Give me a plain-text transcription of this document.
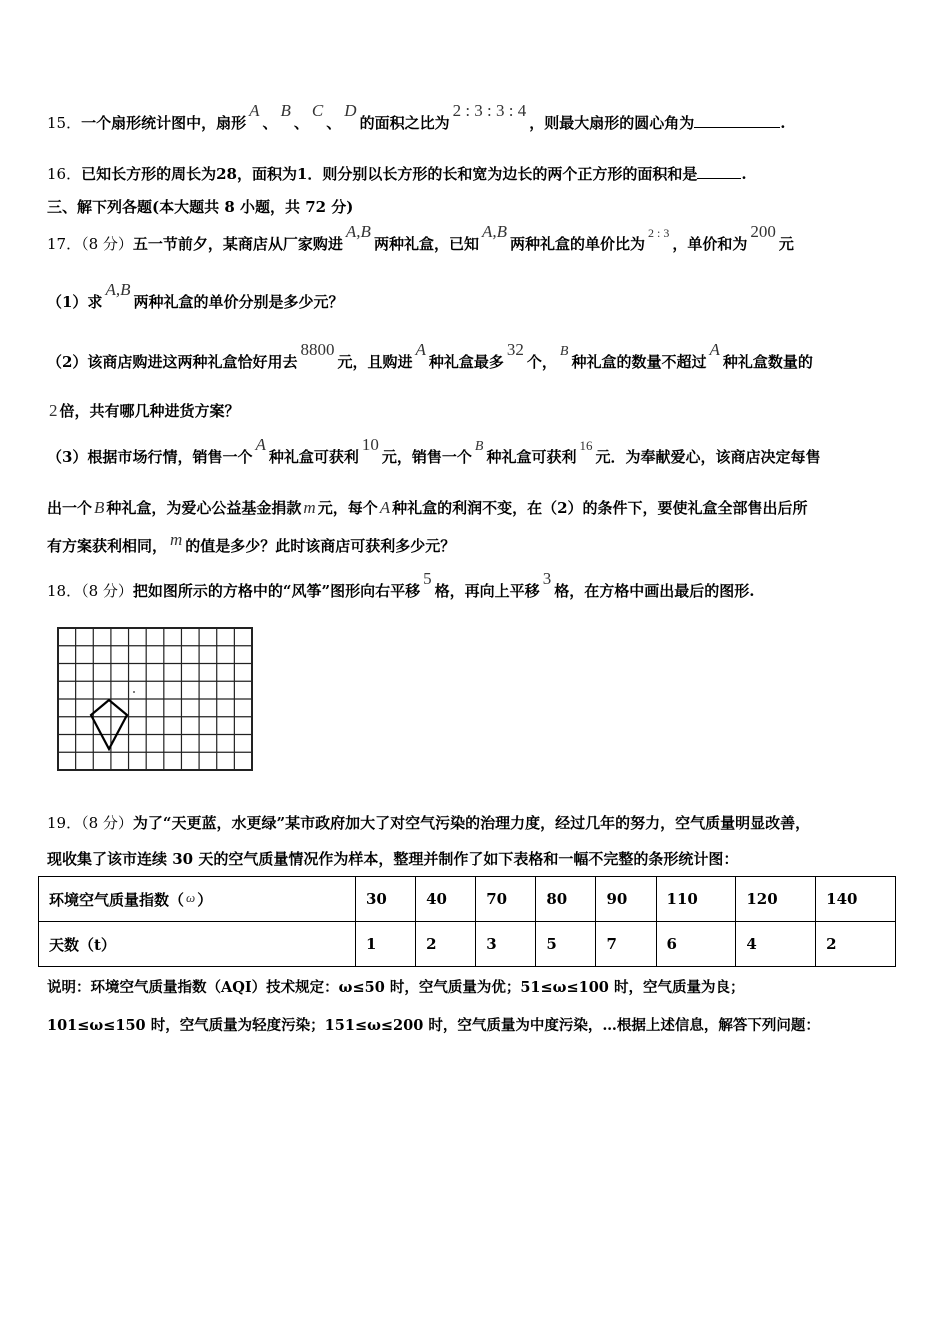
15．一个扇形统计图中，扇形A、B、C、D的面积之比为2 : 3 : 3 : 4，则最大扇形的圆心角为	.
16．已知长方形的周长为28，面积为1．则分别以长方形的长和宽为边长的两个正方形的面积和是	.
三、解下列各题(本大题共 8 小题，共 72 分)
17．（8 分）五一节前夕，某商店从厂家购进A,B两种礼盒，已知A,B两种礼盒的单价比为$^{2 : 3}$，单价和为200元
（1）求A,B两种礼盒的单价分别是多少元？
（2）该商店购进这两种礼盒恰好用去8800元，且购进A种礼盒最多32个，B种礼盒的数量不超过A种礼盒数量的
2 倍，共有哪几种进货方案？
（3）根据市场行情，销售一个A种礼盒可获利10元，销售一个B种礼盒可获利16元．为奉献爱心，该商店决定每售
出一个 B 种礼盒，为爱心公益基金捐款 m 元，每个 A 种礼盒的利润不变，在（2）的条件下，要使礼盒全部售出后所
有方案获利相同， m 的值是多少？此时该商店可获利多少元？
18．（8 分）把如图所示的方格中的“风筝”图形向右平移5格，再向上平移3格，在方格中画出最后的图形.
19．（8 分）为了“天更蓝，水更绿”某市政府加大了对空气污染的治理力度，经过几年的努力，空气质量明显改善，
现收集了该市连续 30 天的空气质量情况作为样本，整理并制作了如下表格和一幅不完整的条形统计图：
环境空气质量指数（ ω ）	30	40	70	80	90	110	120	140
天数（t）	1	2	3	5	7	6	4	2
说明：环境空气质量指数（AQI）技术规定：ω≤50 时，空气质量为优；51≤ω≤100 时，空气质量为良；
101≤ω≤150 时，空气质量为轻度污染；151≤ω≤200 时，空气质量为中度污染，…根据上述信息，解答下列问题：
